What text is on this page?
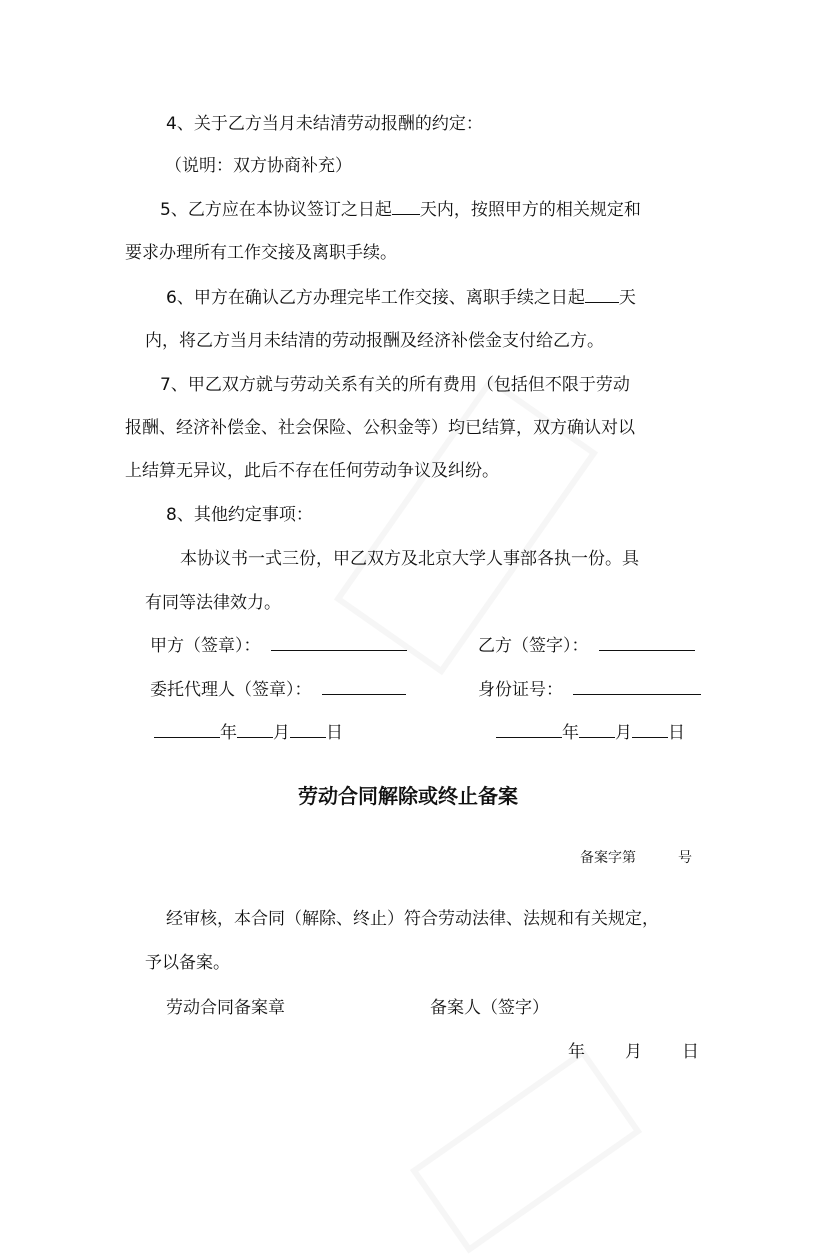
4、关于乙方当月未结清劳动报酬的约定：
（说明：双方协商补充）
5、乙方应在本协议签订之日起 天内，按照甲方的相关规定和
要求办理所有工作交接及离职手续。
6、甲方在确认乙方办理完毕工作交接、离职手续之日起 天
内，将乙方当月未结清的劳动报酬及经济补偿金支付给乙方。
7、甲乙双方就与劳动关系有关的所有费用（包括但不限于劳动
报酬、经济补偿金、社会保险、公积金等）均已结算，双方确认对以
上结算无异议，此后不存在任何劳动争议及纠纷。
8、其他约定事项：
本协议书一式三份，甲乙双方及北京大学人事部各执一份。具
有同等法律效力。
甲方（签章）：	乙方（签字）：
委托代理人（签章）：	身份证号：
年 月 日	年 月 日
劳动合同解除或终止备案
备案字第	号
经审核，本合同（解除、终止）符合劳动法律、法规和有关规定，
予以备案。
劳动合同备案章	备案人（签字）
年 月 日
